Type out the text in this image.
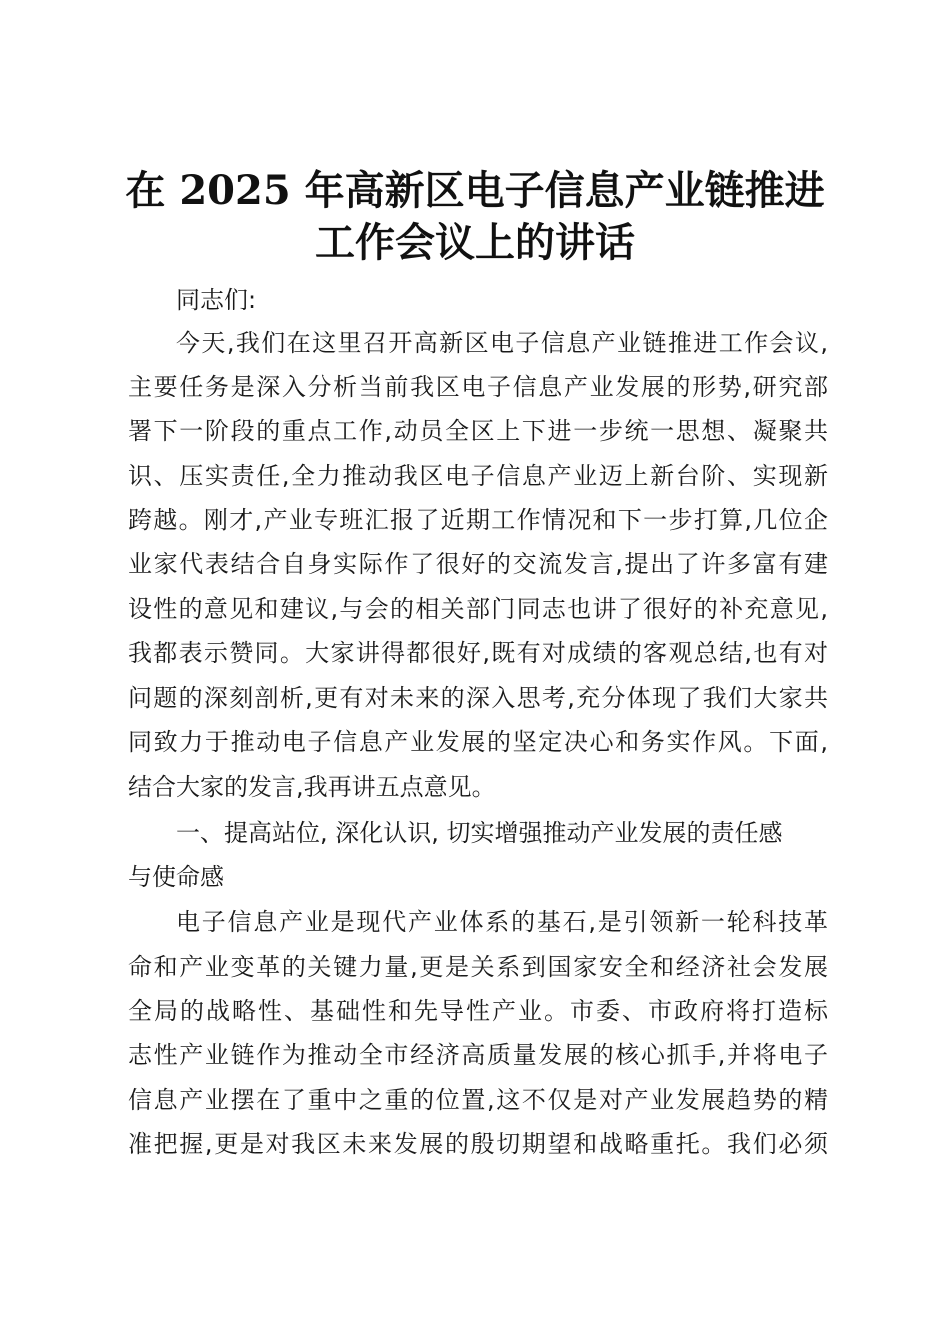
在 2025 年高新区电子信息产业链推进
工作会议上的讲话
同志们:
今天,我们在这里召开高新区电子信息产业链推进工作会议,
主要任务是深入分析当前我区电子信息产业发展的形势,研究部
署下一阶段的重点工作,动员全区上下进一步统一思想、凝聚共
识、压实责任,全力推动我区电子信息产业迈上新台阶、实现新
跨越。刚才,产业专班汇报了近期工作情况和下一步打算,几位企
业家代表结合自身实际作了很好的交流发言,提出了许多富有建
设性的意见和建议,与会的相关部门同志也讲了很好的补充意见,
我都表示赞同。大家讲得都很好,既有对成绩的客观总结,也有对
问题的深刻剖析,更有对未来的深入思考,充分体现了我们大家共
同致力于推动电子信息产业发展的坚定决心和务实作风。下面,
结合大家的发言,我再讲五点意见。
一、提高站位, 深化认识, 切实增强推动产业发展的责任感
与使命感
电子信息产业是现代产业体系的基石,是引领新一轮科技革
命和产业变革的关键力量,更是关系到国家安全和经济社会发展
全局的战略性、基础性和先导性产业。市委、市政府将打造标
志性产业链作为推动全市经济高质量发展的核心抓手,并将电子
信息产业摆在了重中之重的位置,这不仅是对产业发展趋势的精
准把握,更是对我区未来发展的殷切期望和战略重托。我们必须
